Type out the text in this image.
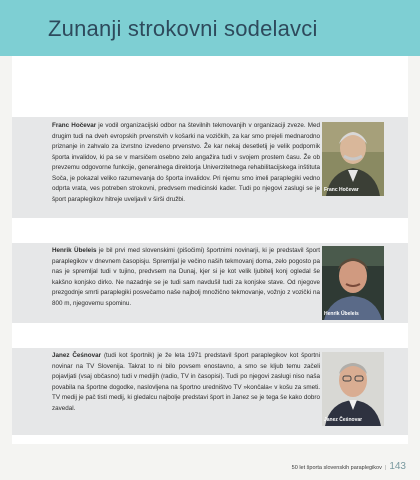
Zunanji strokovni sodelavci
Franc Hočevar je vodil organizacijski odbor na številnih tekmovanjih v organizaciji zveze. Med drugim tudi na dveh evropskih prvenstvih v košarki na vozičkih, za kar smo prejeli mednarodno priznanje in zahvalo za izvrstno izvedeno prvenstvo. Že kar nekaj desetletij je velik podpornik športa invalidov, ki pa se v marsičem osebno zelo angažira tudi v svojem prostem času. Že ob prevzemu odgovorne funkcije, generalnega direktorja Univerzitetnega rehabilitacijskega inštituta Soča, je pokazal veliko razumevanja do športa invalidov. Pri njemu smo imeli paraplegiki vedno odprta vrata, ves potreben strokovni, predvsem medicinski kader. Tudi po njegovi zaslugi se je šport paraplegikov hitreje uveljavil v širši družbi.
Franc Hočevar
Henrik Übeleis je bil prvi med slovenskimi (pišočimi) športnimi novinarji, ki je predstavil šport paraplegikov v dnevnem časopisju. Spremljal je večino naših tekmovanj doma, zelo pogosto pa nas je spremljal tudi v tujino, predvsem na Dunaj, kjer si je kot velik ljubitelj konj ogledal še kakšno konjsko dirko. Ne nazadnje se je tudi sam navdušil tudi za konjske stave. Od njegove prezgodnje smrti paraplegiki posvečamo naše najbolj množično tekmovanje, vožnjo z vozički na 800 m, njegovemu spominu.
Henrik Übeleis
Janez Čeśnovar (tudi kot športnik) je že leta 1971 predstavil šport paraplegikov kot športni novinar na TV Slovenija. Takrat to ni bilo povsem enostavno, a smo se kljub temu začeli pojavljati (vsaj občasno) tudi v medijih (radio, TV in časopisi). Tudi po njegovi zaslugi niso naša povabila na športne dogodke, naslovljena na športno uredništvo TV »končala« v košu za smeti. TV medij je pač tisti medij, ki gledalcu najbolje predstavi šport in Janez se je tega še kako dobro zavedal.
Janez Čeśnovar
50 let športa slovenskih paraplegikov | 143
